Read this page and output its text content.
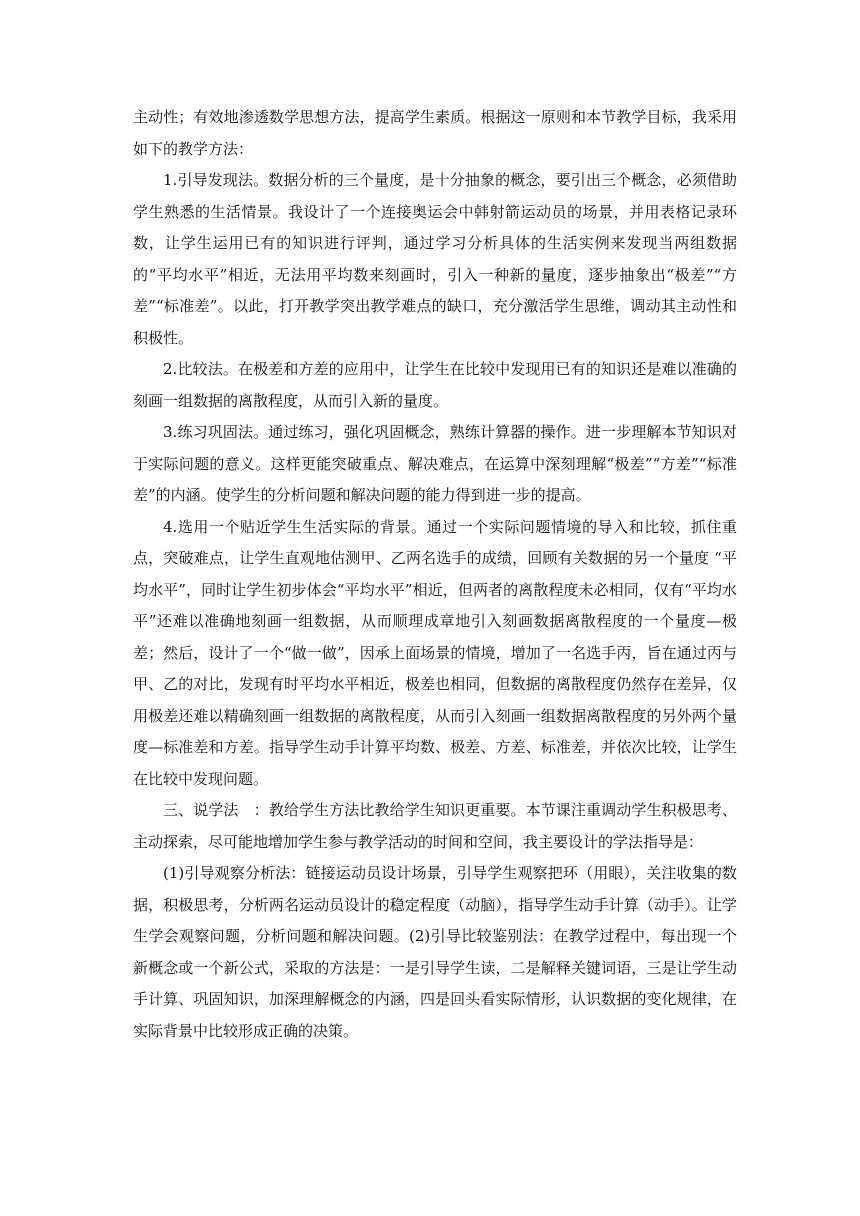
主动性；有效地渗透数学思想方法，提高学生素质。根据这一原则和本节教学目标，我采用如下的教学方法：

1.引导发现法。数据分析的三个量度，是十分抽象的概念，要引出三个概念，必须借助学生熟悉的生活情景。我设计了一个连接奥运会中韩射箭运动员的场景，并用表格记录环数，让学生运用已有的知识进行评判，通过学习分析具体的生活实例来发现当两组数据的“平均水平”相近，无法用平均数来刻画时，引入一种新的量度，逐步抽象出“极差”“方差”“标准差”。以此，打开教学突出教学难点的缺口，充分激活学生思维，调动其主动性和积极性。

2.比较法。在极差和方差的应用中，让学生在比较中发现用已有的知识还是难以准确的刻画一组数据的离散程度，从而引入新的量度。

3.练习巩固法。通过练习，强化巩固概念，熟练计算器的操作。进一步理解本节知识对于实际问题的意义。这样更能突破重点、解决难点，在运算中深刻理解“极差”“方差”“标准差”的内涵。使学生的分析问题和解决问题的能力得到进一步的提高。

4.选用一个贴近学生生活实际的背景。通过一个实际问题情境的导入和比较，抓住重点，突破难点，让学生直观地估测甲、乙两名选手的成绩，回顾有关数据的另一个量度 “平均水平”，同时让学生初步体会“平均水平”相近，但两者的离散程度未必相同，仅有“平均水平”还难以准确地刻画一组数据，从而顺理成章地引入刻画数据离散程度的一个量度—极差；然后，设计了一个“做一做”，因承上面场景的情境，增加了一名选手丙，旨在通过丙与甲、乙的对比，发现有时平均水平相近，极差也相同，但数据的离散程度仍然存在差异，仅用极差还难以精确刻画一组数据的离散程度，从而引入刻画一组数据离散程度的另外两个量度—标准差和方差。指导学生动手计算平均数、极差、方差、标准差，并依次比较，让学生在比较中发现问题。

三、说学法　：教给学生方法比教给学生知识更重要。本节课注重调动学生积极思考、主动探索，尽可能地增加学生参与教学活动的时间和空间，我主要设计的学法指导是：

(1)引导观察分析法：链接运动员设计场景，引导学生观察把环（用眼），关注收集的数据，积极思考，分析两名运动员设计的稳定程度（动脑），指导学生动手计算（动手）。让学生学会观察问题，分析问题和解决问题。(2)引导比较鉴别法：在教学过程中，每出现一个新概念或一个新公式，采取的方法是：一是引导学生读，二是解释关键词语，三是让学生动手计算、巩固知识，加深理解概念的内涵，四是回头看实际情形，认识数据的变化规律，在实际背景中比较形成正确的决策。
